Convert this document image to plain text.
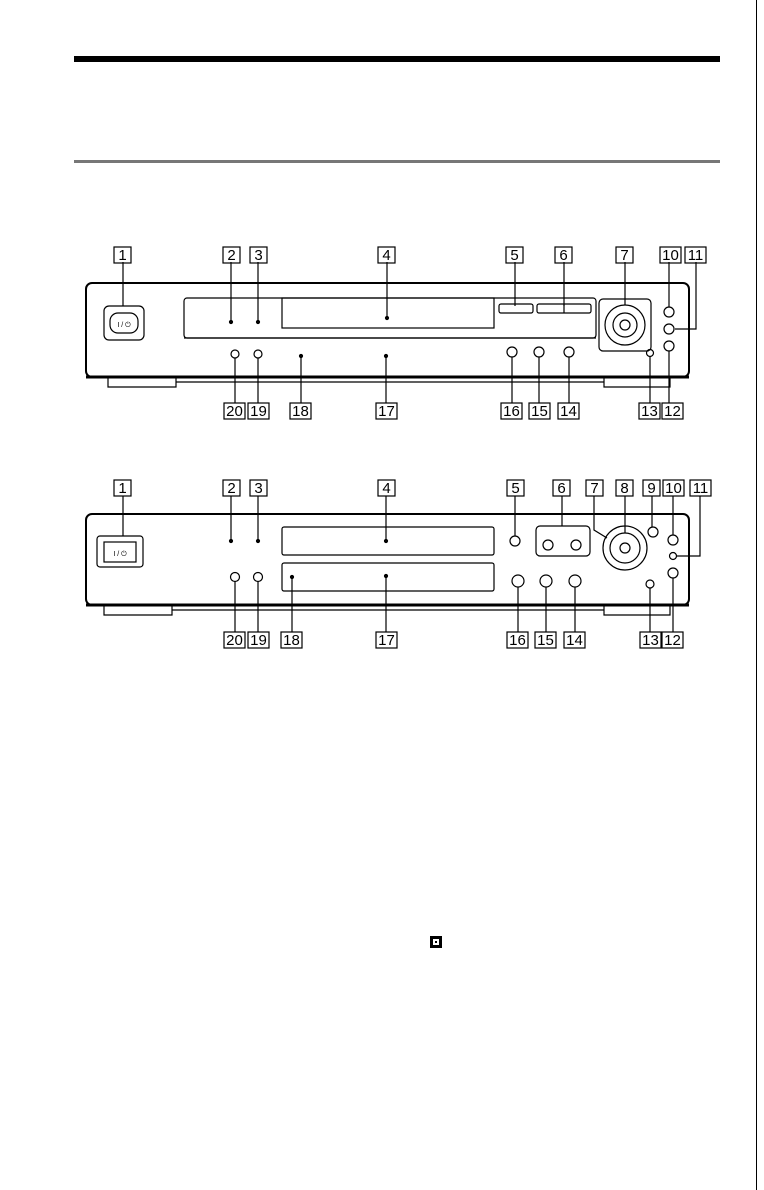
1	2 3	4	5	6	7 10 11
20 19 18	17	16 15 14	13 12
1	2 3	4	5	6 7 8 9 10 11
20 19 18	17	16 15 14	13 12
I / ⏻
I / ⏻
